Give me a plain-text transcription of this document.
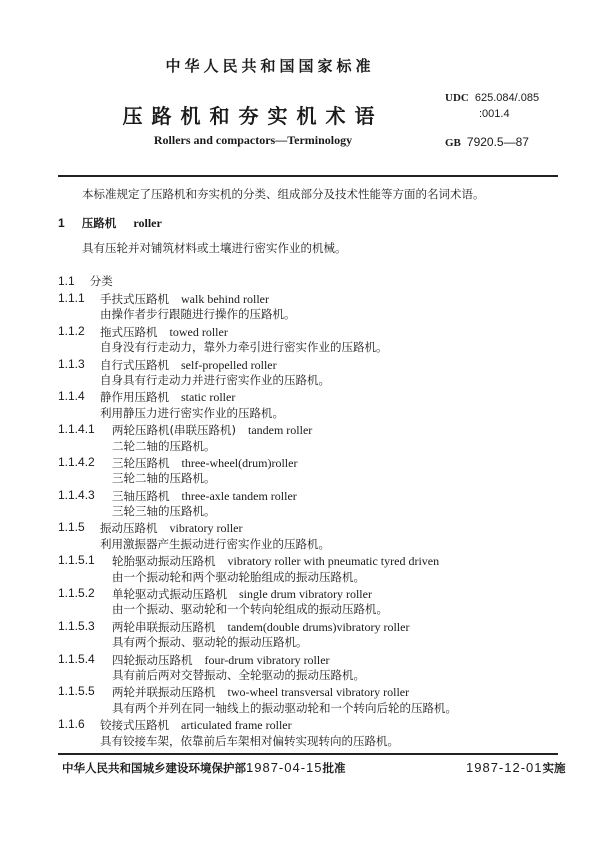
中华人民共和国国家标准
压路机和夯实机术语
Rollers and compactors—Terminology
UDC 625.084/.085
:001.4
GB 7920.5—87
本标准规定了压路机和夯实机的分类、组成部分及技术性能等方面的名词术语。
1 压路机 roller
具有压轮并对铺筑材料或土壤进行密实作业的机械。
1.1 分类
1.1.1 手扶式压路机 walk behind roller
由操作者步行跟随进行操作的压路机。
1.1.2 拖式压路机 towed roller
自身没有行走动力，靠外力牵引进行密实作业的压路机。
1.1.3 自行式压路机 self-propelled roller
自身具有行走动力并进行密实作业的压路机。
1.1.4 静作用压路机 static roller
利用静压力进行密实作业的压路机。
1.1.4.1 两轮压路机(串联压路机) tandem roller
二轮二轴的压路机。
1.1.4.2 三轮压路机 three-wheel(drum)roller
三轮二轴的压路机。
1.1.4.3 三轴压路机 three-axle tandem roller
三轮三轴的压路机。
1.1.5 振动压路机 vibratory roller
利用激振器产生振动进行密实作业的压路机。
1.1.5.1 轮胎驱动振动压路机 vibratory roller with pneumatic tyred driven
由一个振动轮和两个驱动轮胎组成的振动压路机。
1.1.5.2 单轮驱动式振动压路机 single drum vibratory roller
由一个振动、驱动轮和一个转向轮组成的振动压路机。
1.1.5.3 两轮串联振动压路机 tandem(double drums)vibratory roller
具有两个振动、驱动轮的振动压路机。
1.1.5.4 四轮振动压路机 four-drum vibratory roller
具有前后两对交替振动、全轮驱动的振动压路机。
1.1.5.5 两轮并联振动压路机 two-wheel transversal vibratory roller
具有两个并列在同一轴线上的振动驱动轮和一个转向后轮的压路机。
1.1.6 铰接式压路机 articulated frame roller
具有铰接车架，依靠前后车架相对偏转实现转向的压路机。
中华人民共和国城乡建设环境保护部1987-04-15批准	1987-12-01实施
